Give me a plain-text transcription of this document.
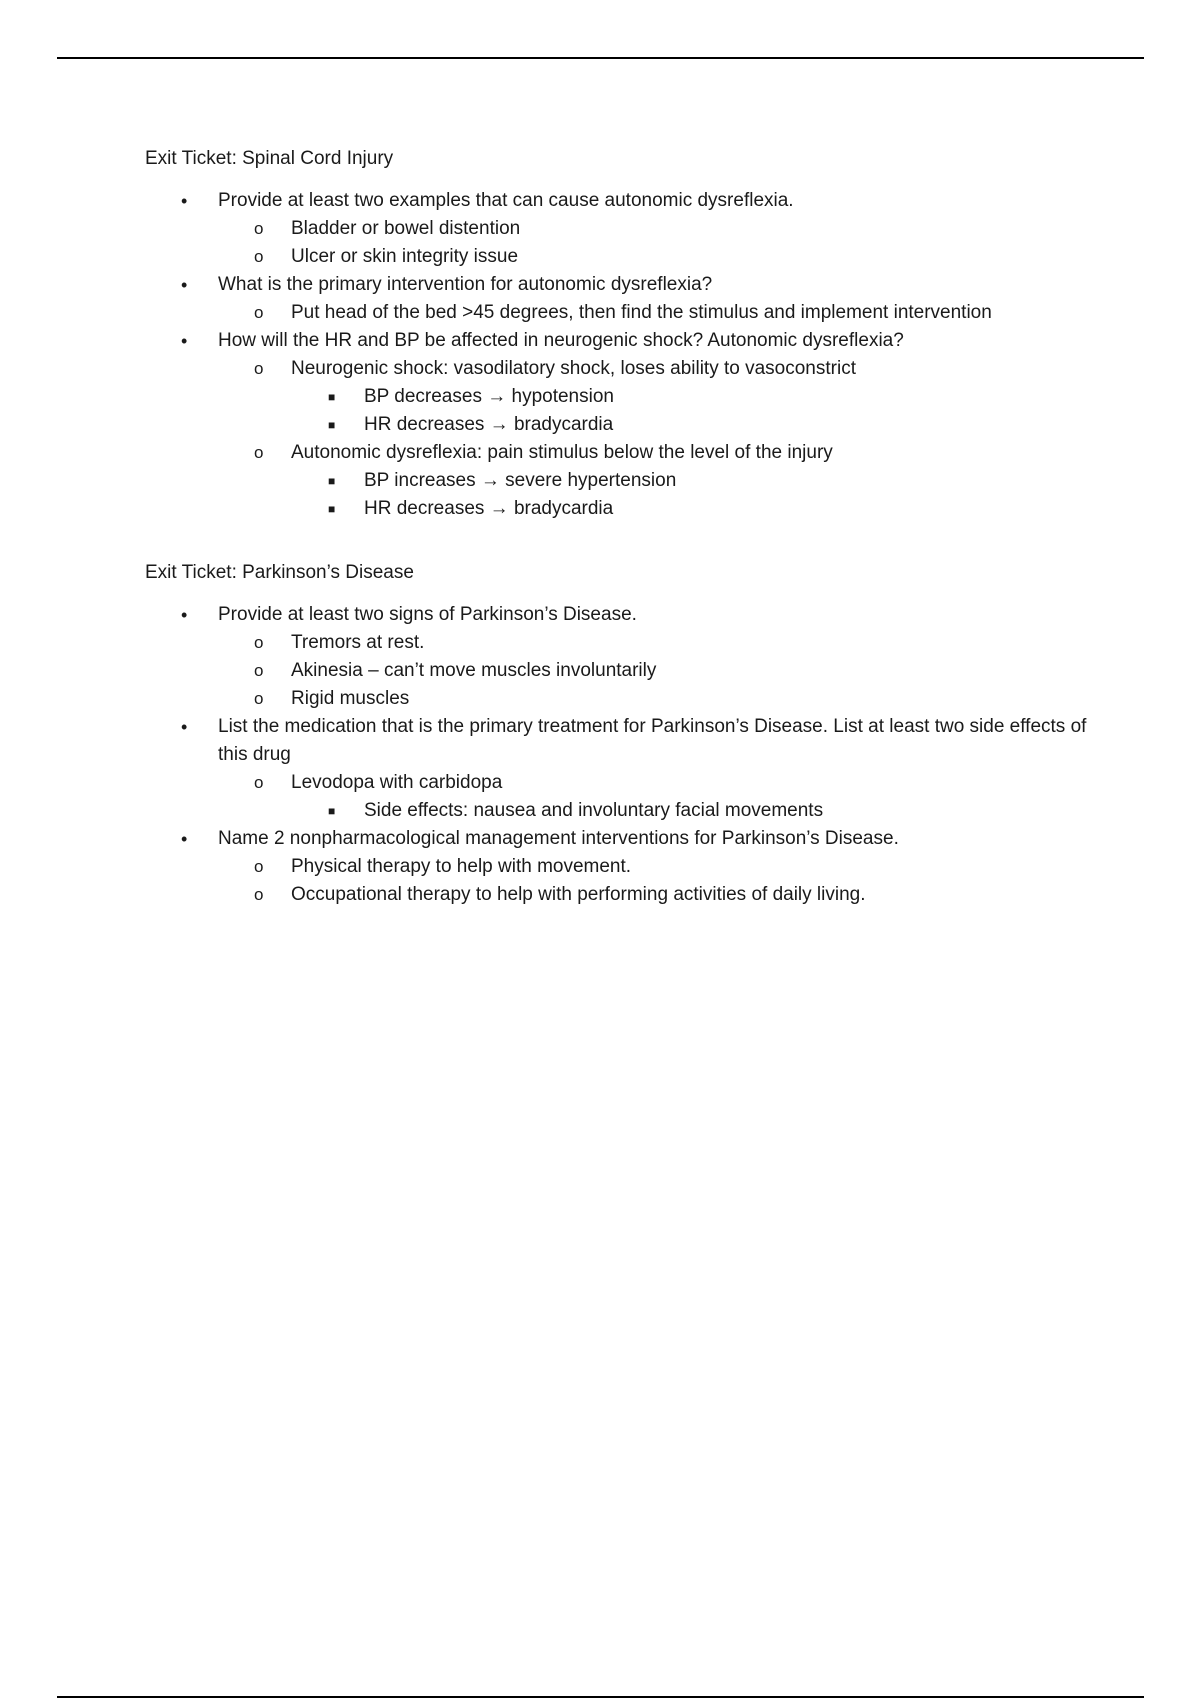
Exit Ticket: Spinal Cord Injury
• Provide at least two examples that can cause autonomic dysreflexia.
o Bladder or bowel distention
o Ulcer or skin integrity issue
• What is the primary intervention for autonomic dysreflexia?
o Put head of the bed >45 degrees, then find the stimulus and implement intervention
• How will the HR and BP be affected in neurogenic shock? Autonomic dysreflexia?
o Neurogenic shock: vasodilatory shock, loses ability to vasoconstrict
■ BP decreases → hypotension
■ HR decreases → bradycardia
o Autonomic dysreflexia: pain stimulus below the level of the injury
■ BP increases → severe hypertension
■ HR decreases → bradycardia
Exit Ticket: Parkinson’s Disease
• Provide at least two signs of Parkinson’s Disease.
o Tremors at rest.
o Akinesia – can’t move muscles involuntarily
o Rigid muscles
• List the medication that is the primary treatment for Parkinson’s Disease. List at least two side effects of this drug
o Levodopa with carbidopa
■ Side effects: nausea and involuntary facial movements
• Name 2 nonpharmacological management interventions for Parkinson’s Disease.
o Physical therapy to help with movement.
o Occupational therapy to help with performing activities of daily living.
